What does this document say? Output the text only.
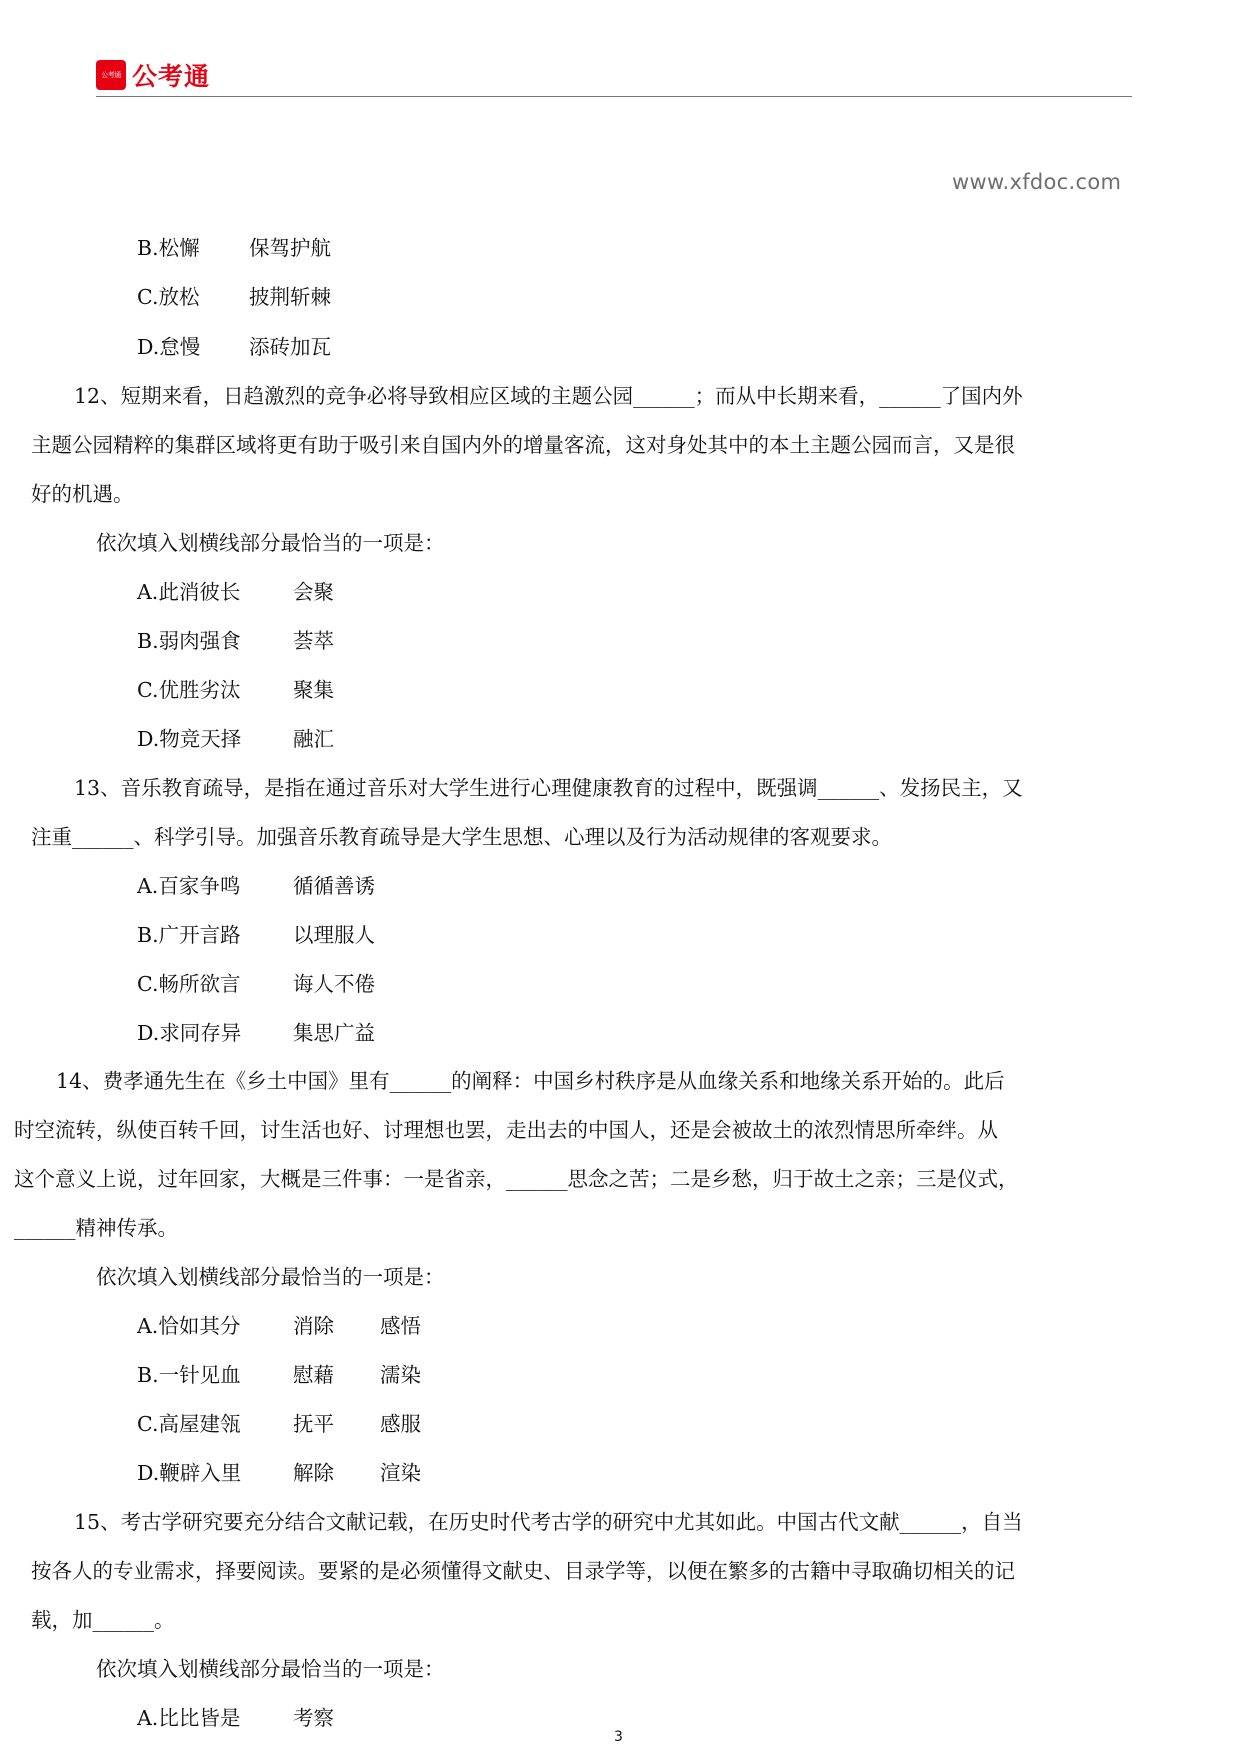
公考通 公考通
www.xfdoc.com
B.松懈 保驾护航
C.放松 披荆斩棘
D.怠慢 添砖加瓦
12、短期来看，日趋激烈的竞争必将导致相应区域的主题公园______；而从中长期来看，______了国内外
主题公园精粹的集群区域将更有助于吸引来自国内外的增量客流，这对身处其中的本土主题公园而言，又是很
好的机遇。
依次填入划横线部分最恰当的一项是：
A.此消彼长	会聚
B.弱肉强食	荟萃
C.优胜劣汰	聚集
D.物竞天择	融汇
13、音乐教育疏导，是指在通过音乐对大学生进行心理健康教育的过程中，既强调______、发扬民主，又
注重______、科学引导。加强音乐教育疏导是大学生思想、心理以及行为活动规律的客观要求。
A.百家争鸣	循循善诱
B.广开言路	以理服人
C.畅所欲言	诲人不倦
D.求同存异	集思广益
14、费孝通先生在《乡土中国》里有______的阐释：中国乡村秩序是从血缘关系和地缘关系开始的。此后
时空流转，纵使百转千回，讨生活也好、讨理想也罢，走出去的中国人，还是会被故土的浓烈情思所牵绊。从
这个意义上说，过年回家，大概是三件事：一是省亲，______思念之苦；二是乡愁，归于故土之亲；三是仪式，
______精神传承。
依次填入划横线部分最恰当的一项是：
A.恰如其分	消除 感悟
B.一针见血	慰藉 濡染
C.高屋建瓴	抚平 感服
D.鞭辟入里	解除 渲染
15、考古学研究要充分结合文献记载，在历史时代考古学的研究中尤其如此。中国古代文献______，自当
按各人的专业需求，择要阅读。要紧的是必须懂得文献史、目录学等，以便在繁多的古籍中寻取确切相关的记
载，加______。
依次填入划横线部分最恰当的一项是：
A.比比皆是	考察
3
